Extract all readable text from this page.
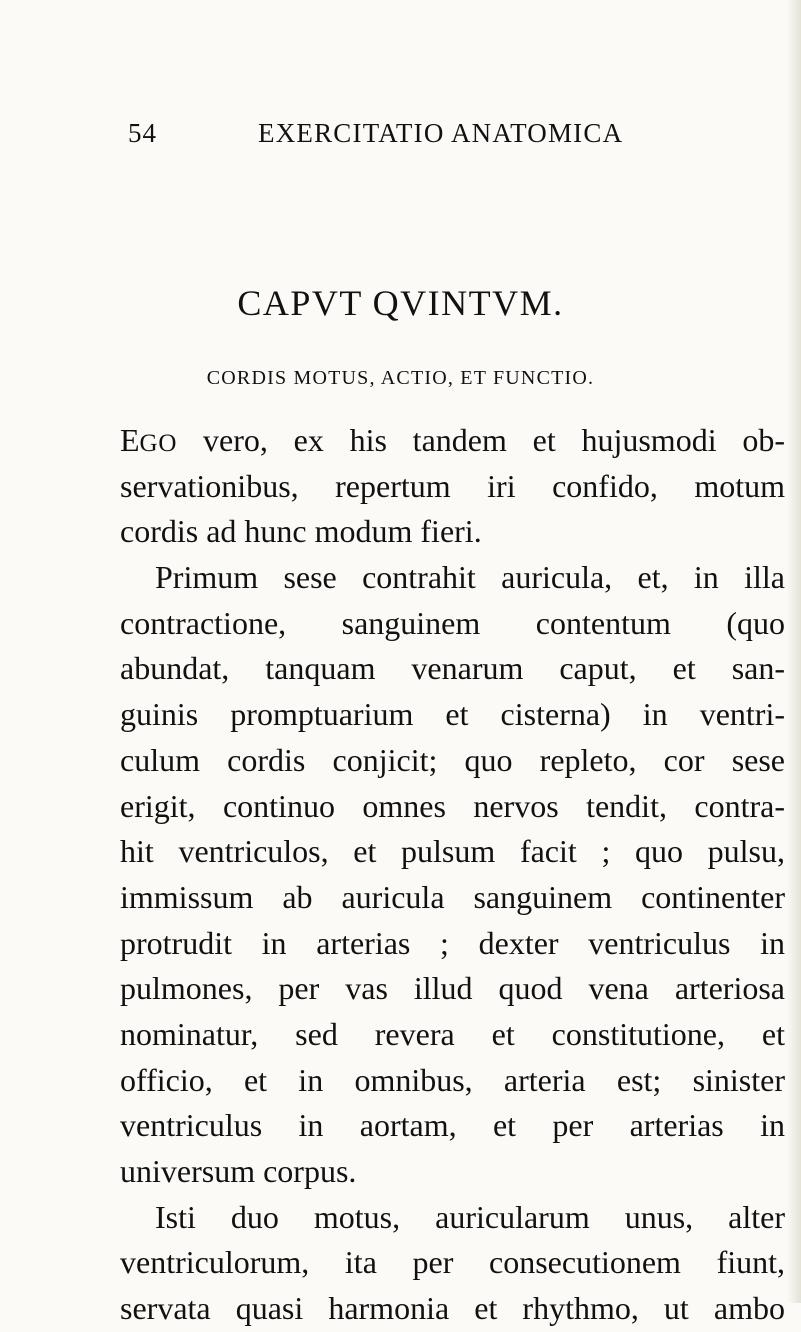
54	EXERCITATIO ANATOMICA
CAPVT QVINTVM.
CORDIS MOTUS, ACTIO, ET FUNCTIO.
EGO vero, ex his tandem et hujusmodi ob-
servationibus, repertum iri confido, motum
cordis ad hunc modum fieri.
Primum sese contrahit auricula, et, in illa
contractione, sanguinem contentum (quo
abundat, tanquam venarum caput, et san-
guinis promptuarium et cisterna) in ventri-
culum cordis conjicit; quo repleto, cor sese
erigit, continuo omnes nervos tendit, contra-
hit ventriculos, et pulsum facit ; quo pulsu,
immissum ab auricula sanguinem continenter
protrudit in arterias ; dexter ventriculus in
pulmones, per vas illud quod vena arteriosa
nominatur, sed revera et constitutione, et
officio, et in omnibus, arteria est; sinister
ventriculus in aortam, et per arterias in
universum corpus.
Isti duo motus, auricularum unus, alter
ventriculorum, ita per consecutionem fiunt,
servata quasi harmonia et rhythmo, ut ambo
